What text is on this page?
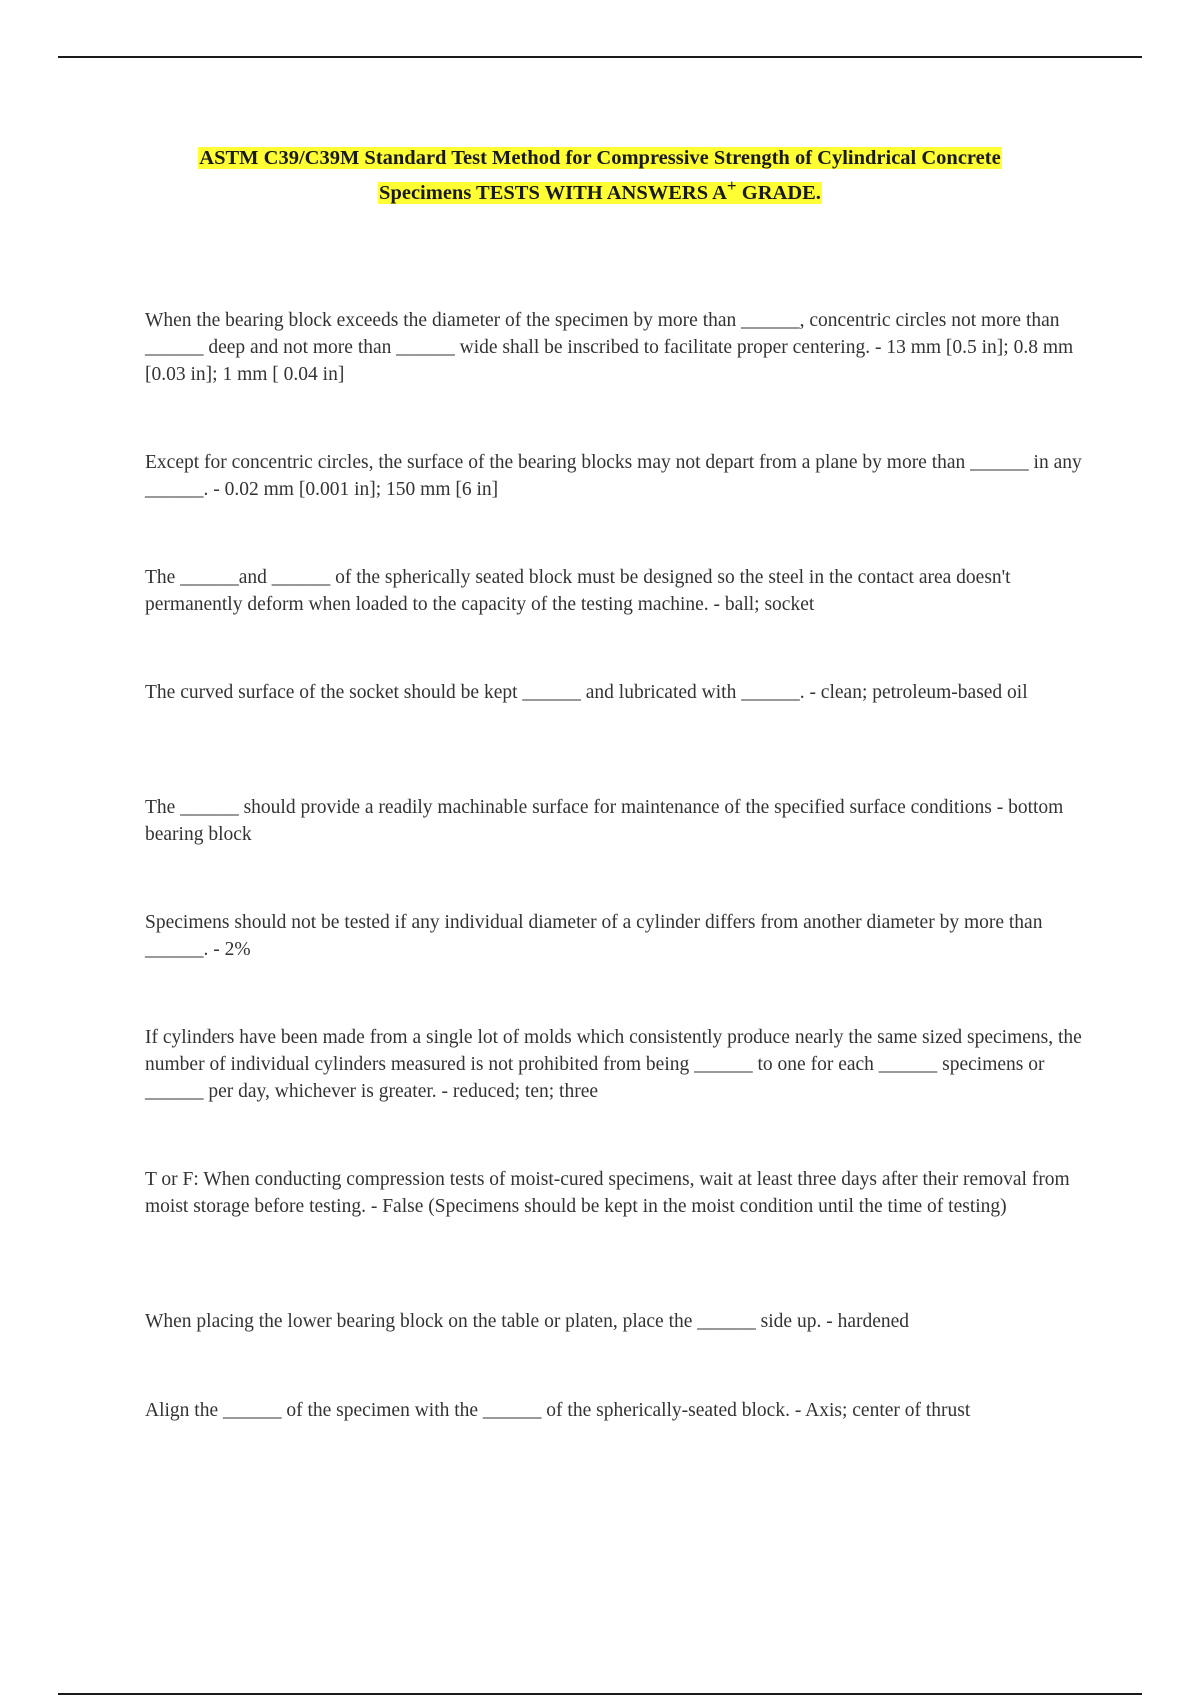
ASTM C39/C39M Standard Test Method for Compressive Strength of Cylindrical Concrete
Specimens TESTS WITH ANSWERS A+ GRADE.

When the bearing block exceeds the diameter of the specimen by more than ______, concentric circles not more than ______ deep and not more than ______ wide shall be inscribed to facilitate proper centering. - 13 mm [0.5 in]; 0.8 mm [0.03 in]; 1 mm [ 0.04 in]

Except for concentric circles, the surface of the bearing blocks may not depart from a plane by more than ______ in any ______. - 0.02 mm [0.001 in]; 150 mm [6 in]

The ______and ______ of the spherically seated block must be designed so the steel in the contact area doesn't permanently deform when loaded to the capacity of the testing machine. - ball; socket

The curved surface of the socket should be kept ______ and lubricated with ______. - clean; petroleum-based oil

The ______ should provide a readily machinable surface for maintenance of the specified surface conditions - bottom bearing block

Specimens should not be tested if any individual diameter of a cylinder differs from another diameter by more than ______. - 2%

If cylinders have been made from a single lot of molds which consistently produce nearly the same sized specimens, the number of individual cylinders measured is not prohibited from being ______ to one for each ______ specimens or ______ per day, whichever is greater. - reduced; ten; three

T or F: When conducting compression tests of moist-cured specimens, wait at least three days after their removal from moist storage before testing. - False (Specimens should be kept in the moist condition until the time of testing)

When placing the lower bearing block on the table or platen, place the ______ side up. - hardened

Align the ______ of the specimen with the ______ of the spherically-seated block. - Axis; center of thrust
